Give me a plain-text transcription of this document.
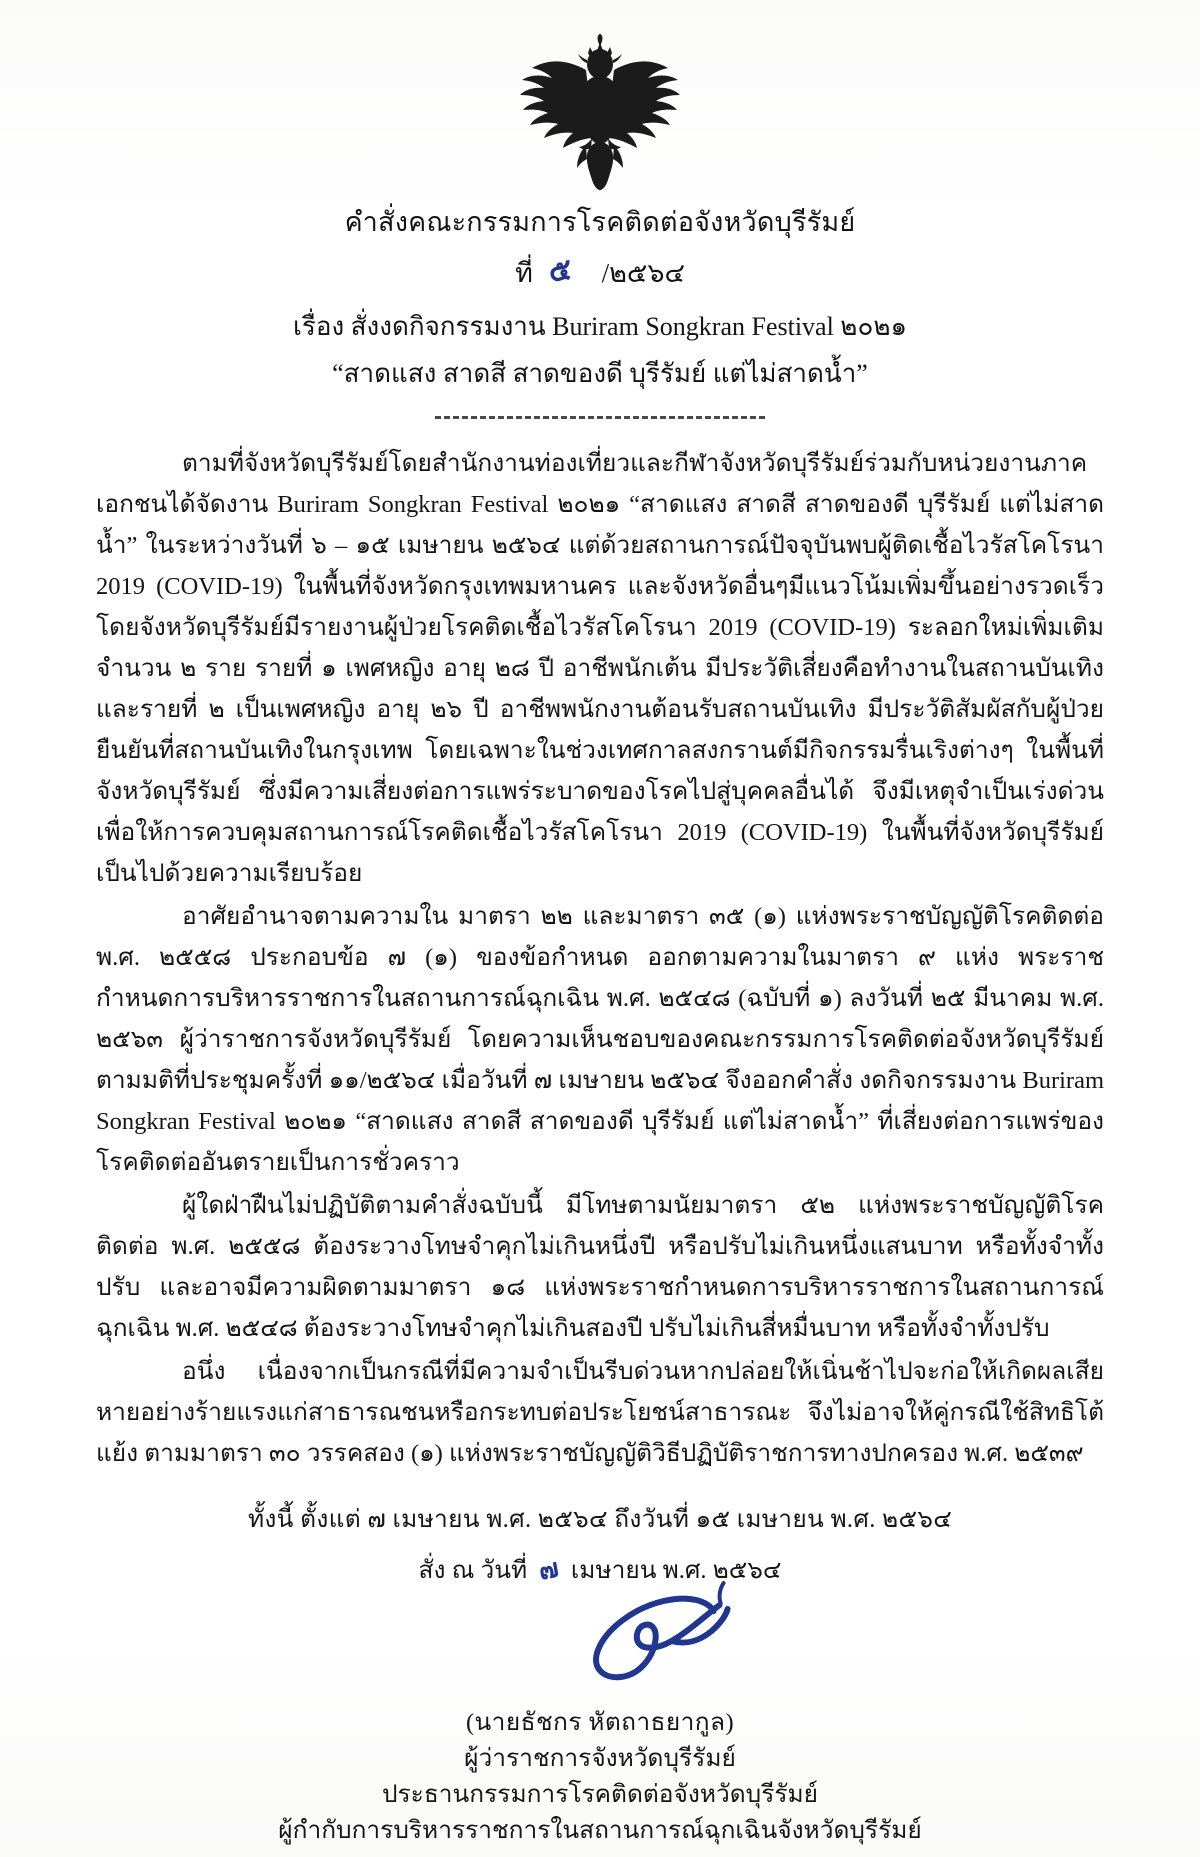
คำสั่งคณะกรรมการโรคติดต่อจังหวัดบุรีรัมย์
ที่ ๕	/๒๕๖๔
เรื่อง สั่งงดกิจกรรมงาน Buriram Songkran Festival ๒๐๒๑
“สาดแสง สาดสี สาดของดี บุรีรัมย์ แต่ไม่สาดน้ำ”

ตามที่จังหวัดบุรีรัมย์โดยสำนักงานท่องเที่ยวและกีฬาจังหวัดบุรีรัมย์ร่วมกับหน่วยงานภาคเอกชนได้จัดงาน Buriram Songkran Festival ๒๐๒๑ “สาดแสง สาดสี สาดของดี บุรีรัมย์ แต่ไม่สาดน้ำ” ในระหว่างวันที่ ๖ – ๑๕ เมษายน ๒๕๖๔ แต่ด้วยสถานการณ์ปัจจุบันพบผู้ติดเชื้อไวรัสโคโรนา 2019 (COVID-19) ในพื้นที่จังหวัดกรุงเทพมหานคร และจังหวัดอื่นๆมีแนวโน้มเพิ่มขึ้นอย่างรวดเร็ว โดยจังหวัดบุรีรัมย์มีรายงานผู้ป่วยโรคติดเชื้อไวรัสโคโรนา 2019 (COVID-19) ระลอกใหม่เพิ่มเติม จำนวน ๒ ราย รายที่ ๑ เพศหญิง อายุ ๒๘ ปี อาชีพนักเต้น มีประวัติเสี่ยงคือทำงานในสถานบันเทิง และรายที่ ๒ เป็นเพศหญิง อายุ ๒๖ ปี อาชีพพนักงานต้อนรับสถานบันเทิง มีประวัติสัมผัสกับผู้ป่วยยืนยันที่สถานบันเทิงในกรุงเทพ โดยเฉพาะในช่วงเทศกาลสงกรานต์มีกิจกรรมรื่นเริงต่างๆ ในพื้นที่จังหวัดบุรีรัมย์ ซึ่งมีความเสี่ยงต่อการแพร่ระบาดของโรคไปสู่บุคคลอื่นได้ จึงมีเหตุจำเป็นเร่งด่วน เพื่อให้การควบคุมสถานการณ์โรคติดเชื้อไวรัสโคโรนา 2019 (COVID-19) ในพื้นที่จังหวัดบุรีรัมย์ เป็นไปด้วยความเรียบร้อย

อาศัยอำนาจตามความใน มาตรา ๒๒ และมาตรา ๓๕ (๑) แห่งพระราชบัญญัติโรคติดต่อ พ.ศ. ๒๕๕๘ ประกอบข้อ ๗ (๑) ของข้อกำหนด ออกตามความในมาตรา ๙ แห่ง พระราชกำหนดการบริหารราชการในสถานการณ์ฉุกเฉิน พ.ศ. ๒๕๔๘ (ฉบับที่ ๑) ลงวันที่ ๒๕ มีนาคม พ.ศ. ๒๕๖๓ ผู้ว่าราชการจังหวัดบุรีรัมย์ โดยความเห็นชอบของคณะกรรมการโรคติดต่อจังหวัดบุรีรัมย์ ตามมติที่ประชุมครั้งที่ ๑๑/๒๕๖๔ เมื่อวันที่ ๗ เมษายน ๒๕๖๔ จึงออกคำสั่ง งดกิจกรรมงาน Buriram Songkran Festival ๒๐๒๑ “สาดแสง สาดสี สาดของดี บุรีรัมย์ แต่ไม่สาดน้ำ” ที่เสี่ยงต่อการแพร่ของโรคติดต่ออันตรายเป็นการชั่วคราว

ผู้ใดฝ่าฝืนไม่ปฏิบัติตามคำสั่งฉบับนี้ มีโทษตามนัยมาตรา ๕๒ แห่งพระราชบัญญัติโรคติดต่อ พ.ศ. ๒๕๕๘ ต้องระวางโทษจำคุกไม่เกินหนึ่งปี หรือปรับไม่เกินหนึ่งแสนบาท หรือทั้งจำทั้งปรับ และอาจมีความผิดตามมาตรา ๑๘ แห่งพระราชกำหนดการบริหารราชการในสถานการณ์ฉุกเฉิน พ.ศ. ๒๕๔๘ ต้องระวางโทษจำคุกไม่เกินสองปี ปรับไม่เกินสี่หมื่นบาท หรือทั้งจำทั้งปรับ

อนึ่ง เนื่องจากเป็นกรณีที่มีความจำเป็นรีบด่วนหากปล่อยให้เนิ่นช้าไปจะก่อให้เกิดผลเสียหายอย่างร้ายแรงแก่สาธารณชนหรือกระทบต่อประโยชน์สาธารณะ จึงไม่อาจให้คู่กรณีใช้สิทธิโต้แย้ง ตามมาตรา ๓๐ วรรคสอง (๑) แห่งพระราชบัญญัติวิธีปฏิบัติราชการทางปกครอง พ.ศ. ๒๕๓๙

ทั้งนี้ ตั้งแต่ ๗ เมษายน พ.ศ. ๒๕๖๔ ถึงวันที่ ๑๕ เมษายน พ.ศ. ๒๕๖๔
สั่ง ณ วันที่ ๗ เมษายน พ.ศ. ๒๕๖๔
(นายธัชกร หัตถาธยากูล)
ผู้ว่าราชการจังหวัดบุรีรัมย์
ประธานกรรมการโรคติดต่อจังหวัดบุรีรัมย์
ผู้กำกับการบริหารราชการในสถานการณ์ฉุกเฉินจังหวัดบุรีรัมย์
